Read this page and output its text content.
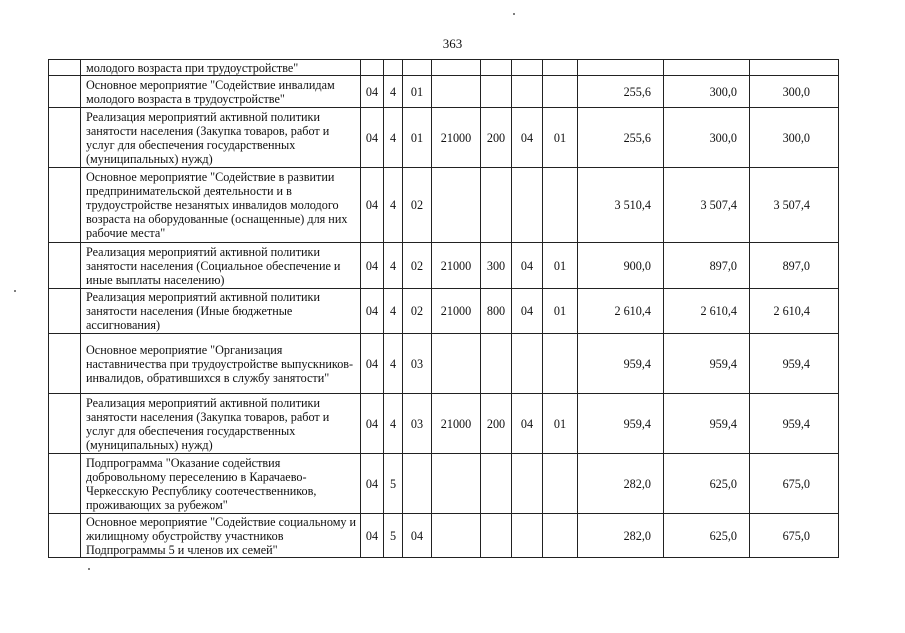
363
	молодого возраста при трудоустройстве"										
	Основное мероприятие "Содействие инвалидам молодого возраста в трудоустройстве"	04	4	01					255,6	300,0	300,0
	Реализация мероприятий активной политики занятости населения (Закупка товаров, работ и услуг для обеспечения государственных (муниципальных) нужд)	04	4	01	21000	200	04	01	255,6	300,0	300,0
	Основное мероприятие "Содействие в развитии предпринимательской деятельности и в трудоустройстве незанятых инвалидов молодого возраста на оборудованные (оснащенные) для них рабочие места"	04	4	02					3 510,4	3 507,4	3 507,4
	Реализация мероприятий активной политики занятости населения (Социальное обеспечение и иные выплаты населению)	04	4	02	21000	300	04	01	900,0	897,0	897,0
	Реализация мероприятий активной политики занятости населения (Иные бюджетные ассигнования)	04	4	02	21000	800	04	01	2 610,4	2 610,4	2 610,4
	Основное мероприятие "Организация наставничества при трудоустройстве выпускников-инвалидов, обратившихся в службу занятости"	04	4	03					959,4	959,4	959,4
	Реализация мероприятий активной политики занятости населения (Закупка товаров, работ и услуг для обеспечения государственных (муниципальных) нужд)	04	4	03	21000	200	04	01	959,4	959,4	959,4
	Подпрограмма "Оказание содействия добровольному переселению в Карачаево-Черкесскую Республику соотечественников, проживающих за рубежом"	04	5						282,0	625,0	675,0
	Основное мероприятие "Содействие социальному и жилищному обустройству участников Подпрограммы 5 и членов их семей"	04	5	04					282,0	625,0	675,0
